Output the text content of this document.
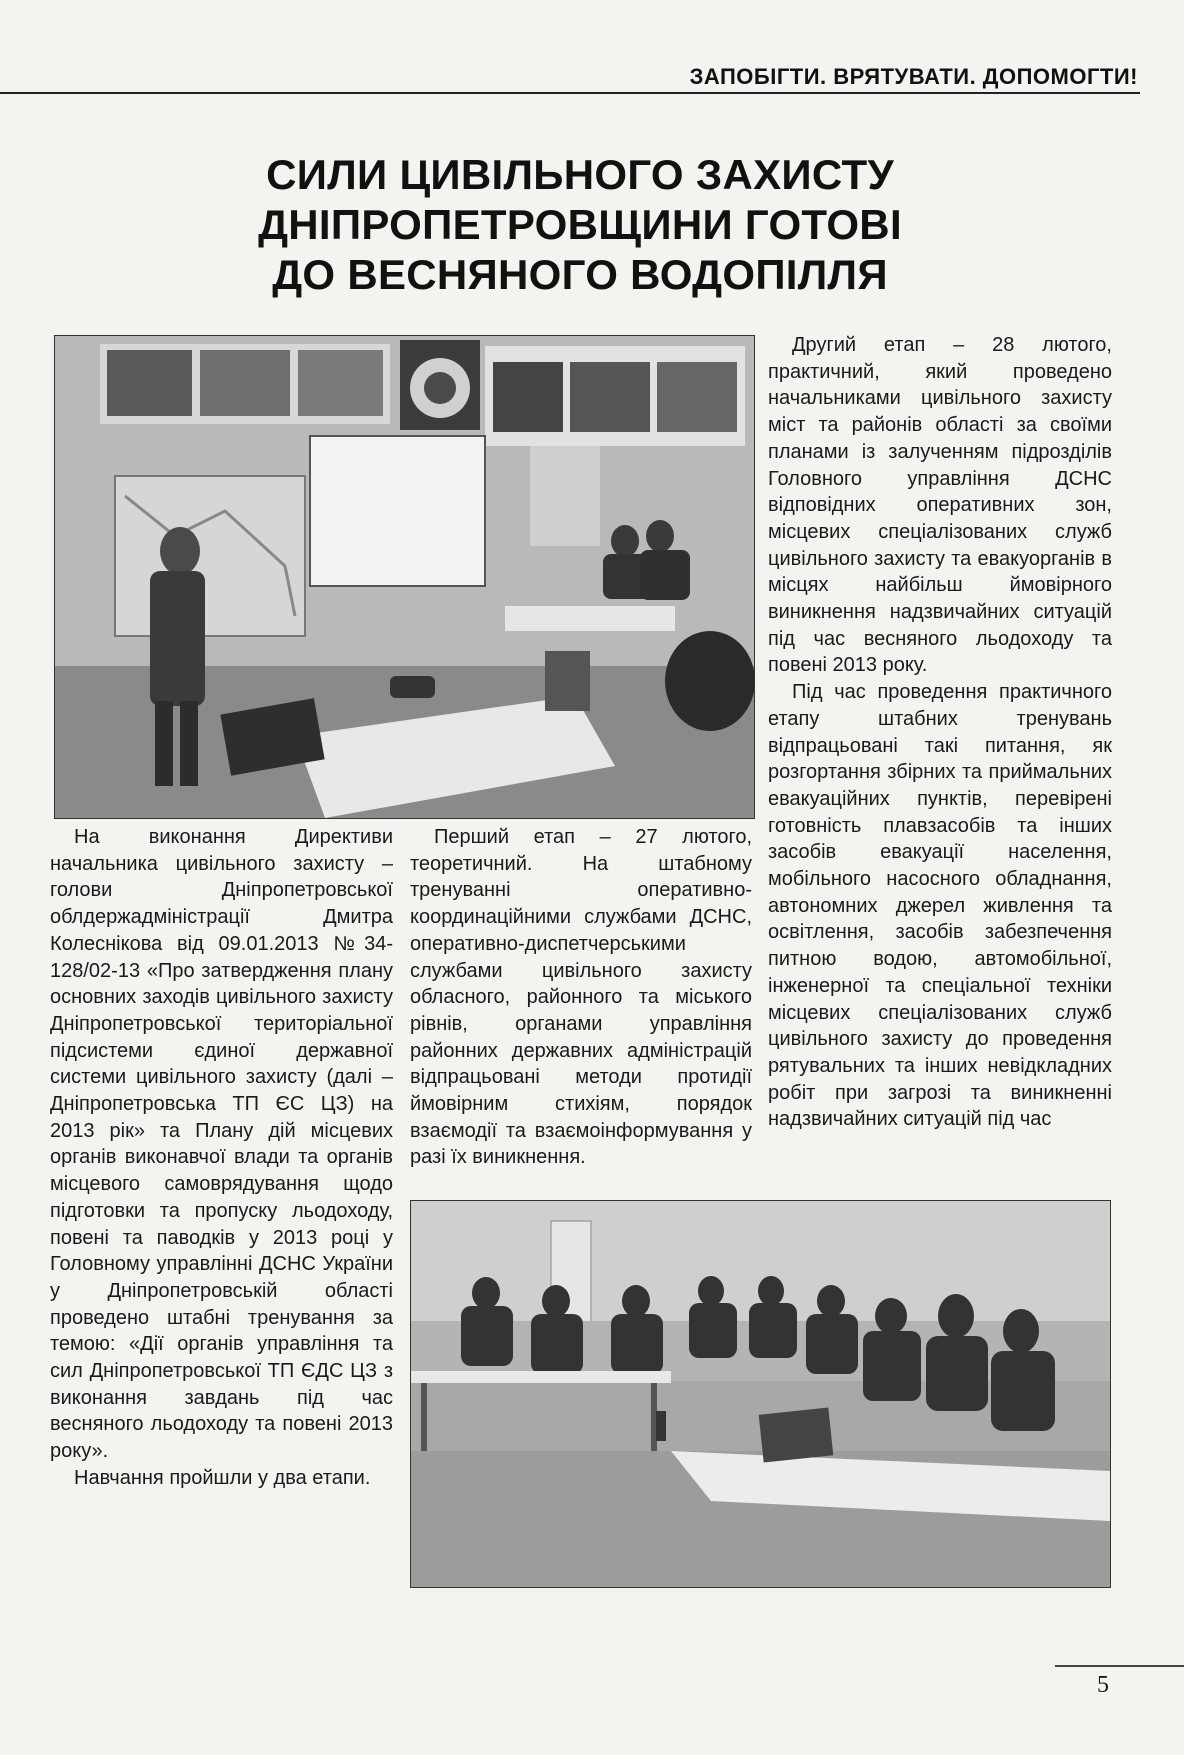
ЗАПОБІГТИ. ВРЯТУВАТИ. ДОПОМОГТИ!
СИЛИ ЦИВІЛЬНОГО ЗАХИСТУ
ДНІПРОПЕТРОВЩИНИ ГОТОВІ
ДО ВЕСНЯНОГО ВОДОПІЛЛЯ

На виконання Директиви начальника цивільного захисту – голови Дніпропетровської облдержадміністрації Дмитра Колеснікова від 09.01.2013 №34-128/02-13 «Про затвердження плану основних заходів цивільного захисту Дніпропетровської територіальної підсистеми єдиної державної системи цивільного захисту (далі – Дніпропетровська ТП ЄС ЦЗ) на 2013 рік» та Плану дій місцевих органів виконавчої влади та органів місцевого самоврядування щодо підготовки та пропуску льодоходу, повені та паводків у 2013 році у Головному управлінні ДСНС України у Дніпропетровській області проведено штабні тренування за темою: «Дії органів управління та сил Дніпропетровської ТП ЄДС ЦЗ з виконання завдань під час весняного льодоходу та повені 2013 року».

Навчання пройшли у два етапи.

Перший етап – 27 лютого, теоретичний. На штабному тренуванні оперативно-координаційними службами ДСНС, оперативно-диспетчерськими службами цивільного захисту обласного, районного та міського рівнів, органами управління районних державних адміністрацій відпрацьовані методи протидії ймовірним стихіям, порядок взаємодії та взаємоінформування у разі їх виникнення.

Другий етап – 28 лютого, практичний, який проведено начальниками цивільного захисту міст та районів області за своїми планами із залученням підрозділів Головного управління ДСНС відповідних оперативних зон, місцевих спеціалізованих служб цивільного захисту та евакуорганів в місцях найбільш ймовірного виникнення надзвичайних ситуацій під час весняного льодоходу та повені 2013 року.

Під час проведення практичного етапу штабних тренувань відпрацьовані такі питання, як розгортання збірних та приймальних евакуаційних пунктів, перевірені готовність плавзасобів та інших засобів евакуації населення, мобільного насосного обладнання, автономних джерел живлення та освітлення, засобів забезпечення питною водою, автомобільної, інженерної та спеціальної техніки місцевих спеціалізованих служб цивільного захисту до проведення рятувальних та інших невідкладних робіт при загрозі та виникненні надзвичайних ситуацій під час

5
